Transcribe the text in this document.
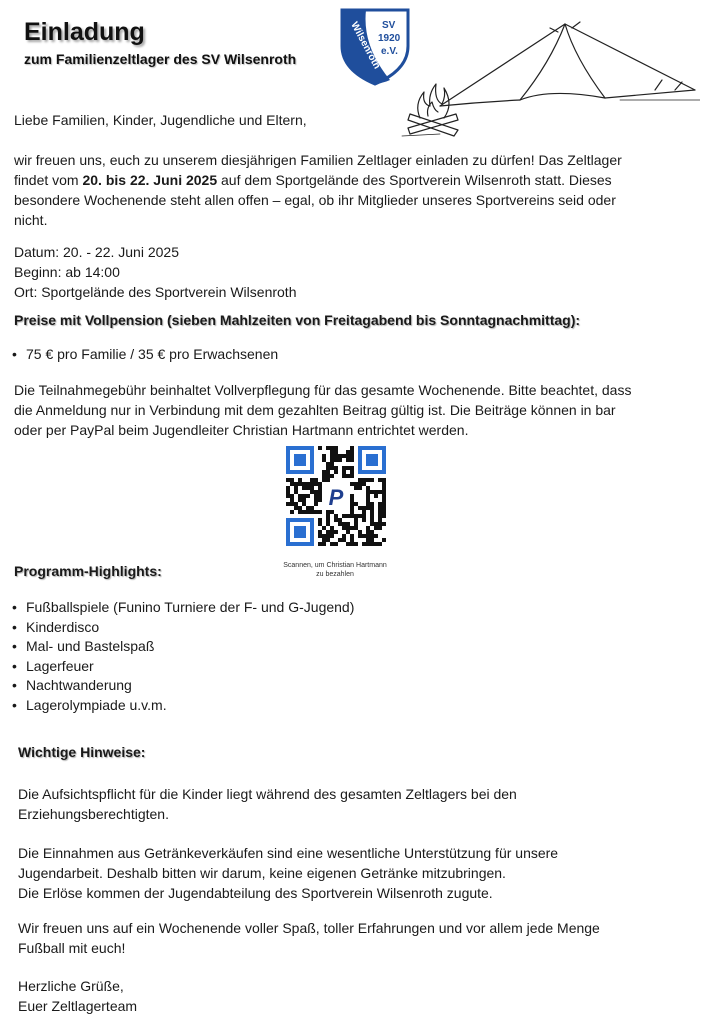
Einladung
zum Familienzeltlager des SV Wilsenroth	Wilsenroth SV
1920
e.V.
Liebe Familien, Kinder, Jugendliche und Eltern,
wir freuen uns, euch zu unserem diesjährigen Familien Zeltlager einladen zu dürfen! Das Zeltlager
findet vom 20. bis 22. Juni 2025 auf dem Sportgelände des Sportverein Wilsenroth statt. Dieses
besondere Wochenende steht allen offen – egal, ob ihr Mitglieder unseres Sportvereins seid oder
nicht.
Datum: 20. - 22. Juni 2025
Beginn: ab 14:00
Ort: Sportgelände des Sportverein Wilsenroth
Preise mit Vollpension (sieben Mahlzeiten von Freitagabend bis Sonntagnachmittag):
• 75 € pro Familie / 35 € pro Erwachsenen
Die Teilnahmegebühr beinhaltet Vollverpflegung für das gesamte Wochenende. Bitte beachtet, dass
die Anmeldung nur in Verbindung mit dem gezahlten Beitrag gültig ist. Die Beiträge können in bar
oder per PayPal beim Jugendleiter Christian Hartmann entrichtet werden.
P
Scannen, um Christian Hartmann
zu bezahlen
Programm-Highlights:
• Fußballspiele (Funino Turniere der F- und G-Jugend)
• Kinderdisco
• Mal- und Bastelspaß
• Lagerfeuer
• Nachtwanderung
• Lagerolympiade u.v.m.
Wichtige Hinweise:
Die Aufsichtspflicht für die Kinder liegt während des gesamten Zeltlagers bei den
Erziehungsberechtigten.
Die Einnahmen aus Getränkeverkäufen sind eine wesentliche Unterstützung für unsere
Jugendarbeit. Deshalb bitten wir darum, keine eigenen Getränke mitzubringen.
Die Erlöse kommen der Jugendabteilung des Sportverein Wilsenroth zugute.
Wir freuen uns auf ein Wochenende voller Spaß, toller Erfahrungen und vor allem jede Menge
Fußball mit euch!
Herzliche Grüße,
Euer Zeltlagerteam
